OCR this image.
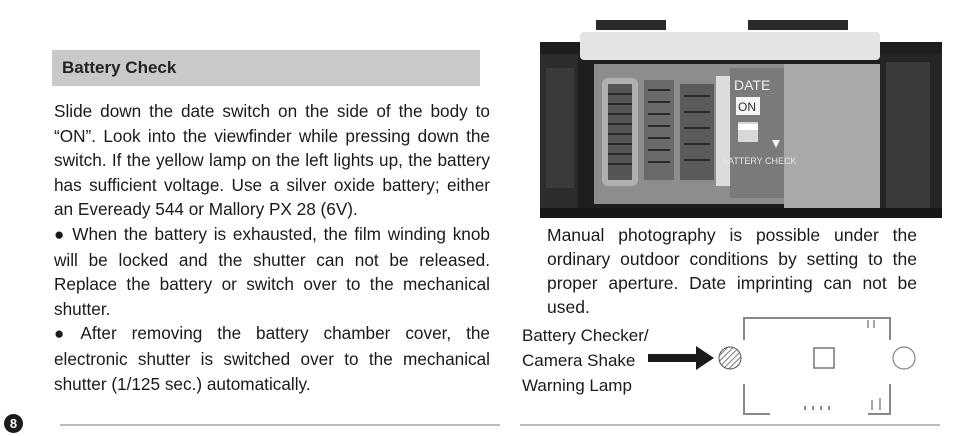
Battery Check

Slide down the date switch on the side of the body to “ON”. Look into the viewfinder while pressing down the switch. If the yellow lamp on the left lights up, the battery has sufficient voltage. Use a silver oxide battery; either an Eveready 544 or Mallory PX 28 (6V).

● When the battery is exhausted, the film winding knob will be locked and the shutter can not be released. Replace the battery or switch over to the mechanical shutter.

● After removing the battery chamber cover, the electronic shutter is switched over to the mechanical shutter (1/125 sec.) automatically.

8
DATE
ON
BATTERY CHECK

Manual photography is possible under the ordinary outdoor conditions by setting to the proper aperture. Date imprinting can not be used.

Battery Checker/
Camera Shake
Warning Lamp
